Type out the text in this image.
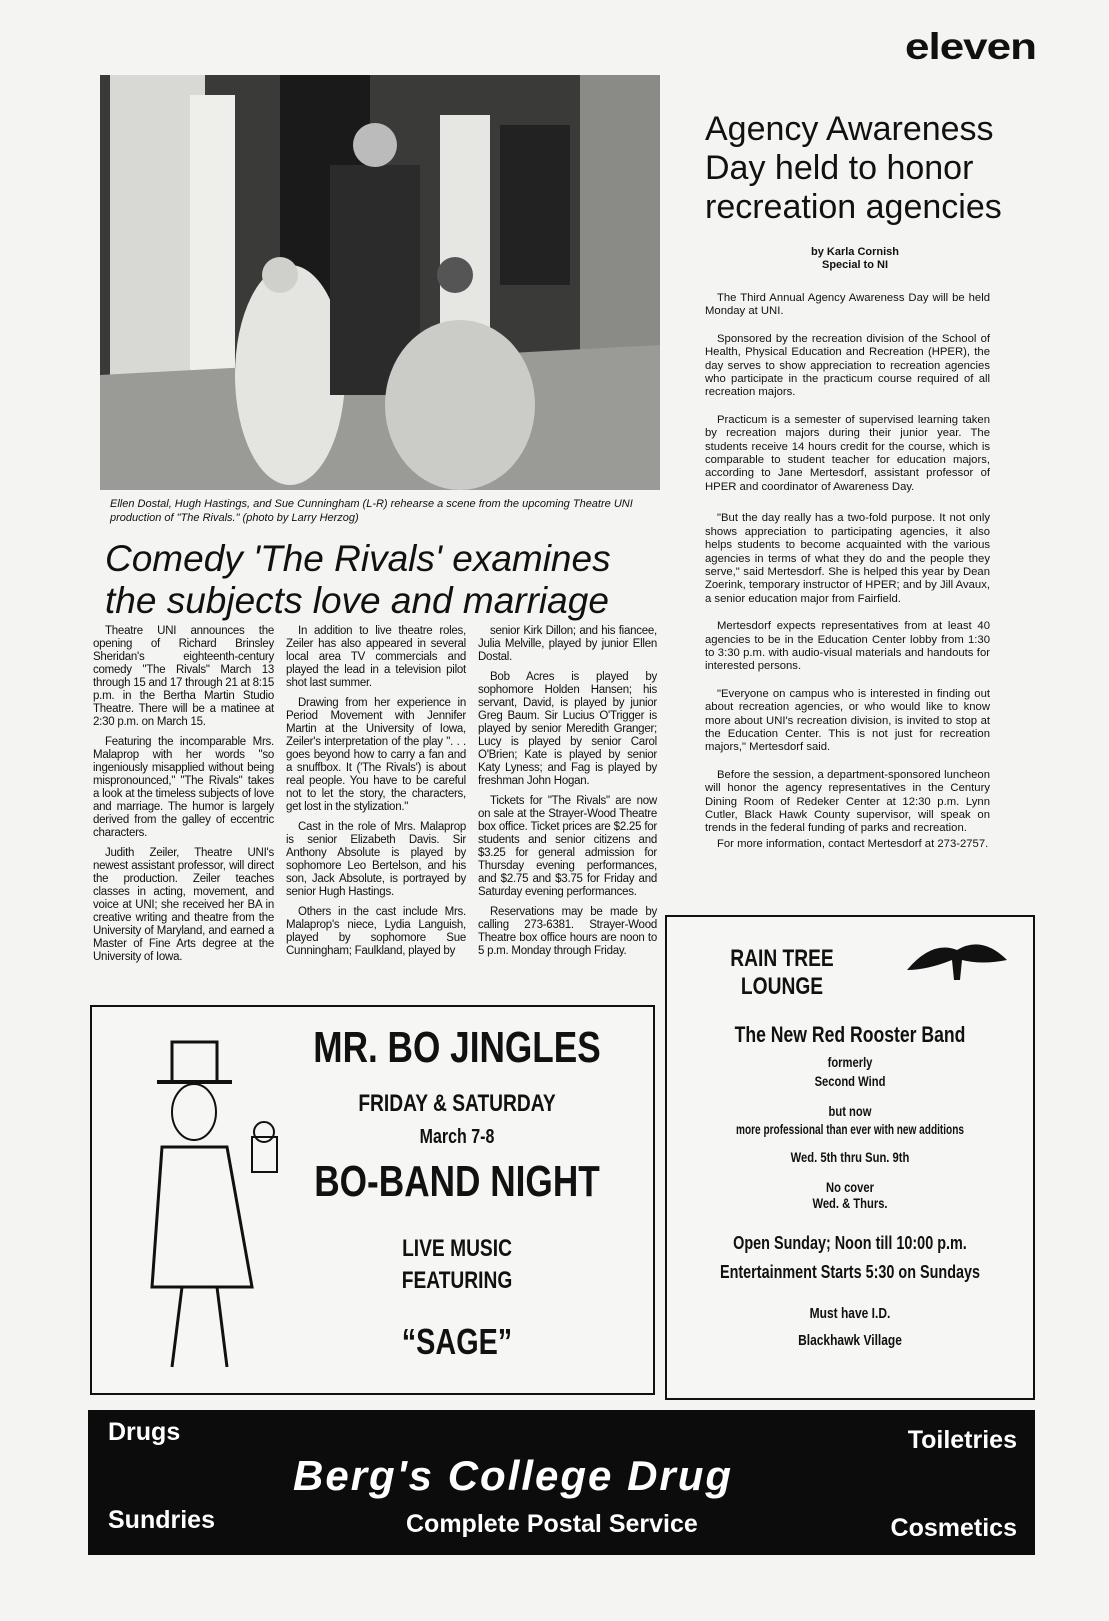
eleven
Ellen Dostal, Hugh Hastings, and Sue Cunningham (L-R) rehearse a scene from the upcoming Theatre UNI production of "The Rivals." (photo by Larry Herzog)
Comedy 'The Rivals' examines the subjects love and marriage

Theatre UNI announces the opening of Richard Brinsley Sheridan's eighteenth-century comedy "The Rivals" March 13 through 15 and 17 through 21 at 8:15 p.m. in the Bertha Martin Studio Theatre. There will be a matinee at 2:30 p.m. on March 15.

Featuring the incomparable Mrs. Malaprop with her words "so ingeniously misapplied without being mispronounced," "The Rivals" takes a look at the timeless subjects of love and marriage. The humor is largely derived from the galley of eccentric characters.

Judith Zeiler, Theatre UNI's newest assistant professor, will direct the production. Zeiler teaches classes in acting, movement, and voice at UNI; she received her BA in creative writing and theatre from the University of Maryland, and earned a Master of Fine Arts degree at the University of Iowa.

In addition to live theatre roles, Zeiler has also appeared in several local area TV commercials and played the lead in a television pilot shot last summer.

Drawing from her experience in Period Movement with Jennifer Martin at the University of Iowa, Zeiler's interpretation of the play ". . . goes beyond how to carry a fan and a snuffbox. It ('The Rivals') is about real people. You have to be careful not to let the story, the characters, get lost in the stylization."

Cast in the role of Mrs. Malaprop is senior Elizabeth Davis. Sir Anthony Absolute is played by sophomore Leo Bertelson, and his son, Jack Absolute, is portrayed by senior Hugh Hastings.

Others in the cast include Mrs. Malaprop's niece, Lydia Languish, played by sophomore Sue Cunningham; Faulkland, played by

senior Kirk Dillon; and his fiancee, Julia Melville, played by junior Ellen Dostal.

Bob Acres is played by sophomore Holden Hansen; his servant, David, is played by junior Greg Baum. Sir Lucius O'Trigger is played by senior Meredith Granger; Lucy is played by senior Carol O'Brien; Kate is played by senior Katy Lyness; and Fag is played by freshman John Hogan.

Tickets for "The Rivals" are now on sale at the Strayer-Wood Theatre box office. Ticket prices are $2.25 for students and senior citizens and $3.25 for general admission for Thursday evening performances, and $2.75 and $3.75 for Friday and Saturday evening performances.

Reservations may be made by calling 273-6381. Strayer-Wood Theatre box office hours are noon to 5 p.m. Monday through Friday.

Agency Awareness Day held to honor recreation agencies
by Karla Cornish
Special to NI

The Third Annual Agency Awareness Day will be held Monday at UNI.

Sponsored by the recreation division of the School of Health, Physical Education and Recreation (HPER), the day serves to show appreciation to recreation agencies who participate in the practicum course required of all recreation majors.

Practicum is a semester of supervised learning taken by recreation majors during their junior year. The students receive 14 hours credit for the course, which is comparable to student teacher for education majors, according to Jane Mertesdorf, assistant professor of HPER and coordinator of Awareness Day.

"But the day really has a two-fold purpose. It not only shows appreciation to participating agencies, it also helps students to become acquainted with the various agencies in terms of what they do and the people they serve," said Mertesdorf. She is helped this year by Dean Zoerink, temporary instructor of HPER; and by Jill Avaux, a senior education major from Fairfield.

Mertesdorf expects representatives from at least 40 agencies to be in the Education Center lobby from 1:30 to 3:30 p.m. with audio-visual materials and handouts for interested persons.

"Everyone on campus who is interested in finding out about recreation agencies, or who would like to know more about UNI's recreation division, is invited to stop at the Education Center. This is not just for recreation majors," Mertesdorf said.

Before the session, a department-sponsored luncheon will honor the agency representatives in the Century Dining Room of Redeker Center at 12:30 p.m. Lynn Cutler, Black Hawk County supervisor, will speak on trends in the federal funding of parks and recreation.

For more information, contact Mertesdorf at 273-2757.

MR. BO JINGLES
FRIDAY & SATURDAY
March 7-8
BO-BAND NIGHT
LIVE MUSIC
FEATURING
“SAGE”
RAIN TREE LOUNGE
The New Red Rooster Band
formerly
Second Wind
but now
more professional than ever with new additions
Wed. 5th thru Sun. 9th
No cover
Wed. & Thurs.
Open Sunday; Noon till 10:00 p.m.
Entertainment Starts 5:30 on Sundays
Must have I.D.
Blackhawk Village
Drugs	Toiletries
Berg's College Drug
Sundries	Complete Postal Service	Cosmetics
